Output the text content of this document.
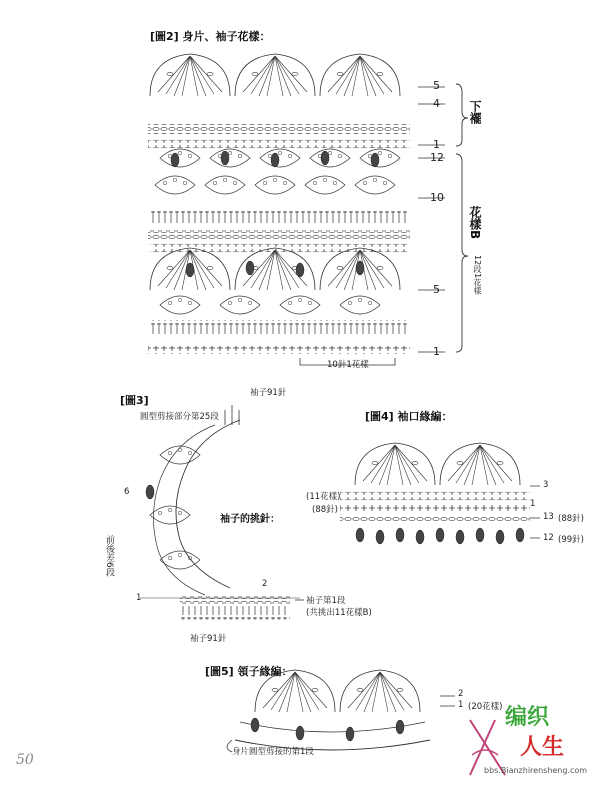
[圖2] 身片、袖子花樣：
5
4
1
12
10
5
1
下襬
花樣B
12段1花樣
10針1花樣
[圖3]
袖子91針
圓型剪接部分第25段
袖子的挑針：
前後差6段
6
2
1	袖子第1段
(共挑出11花樣B)
袖子91針
[圖4] 袖口緣編：
(11花樣)
(88針)
3
1
13 (88針)
12 (99針)
[圖5] 領子緣編：
2
1 (20花樣)
身片圓型剪接的第1段
50
编织
人生
bbs.Bianzhirensheng.com
